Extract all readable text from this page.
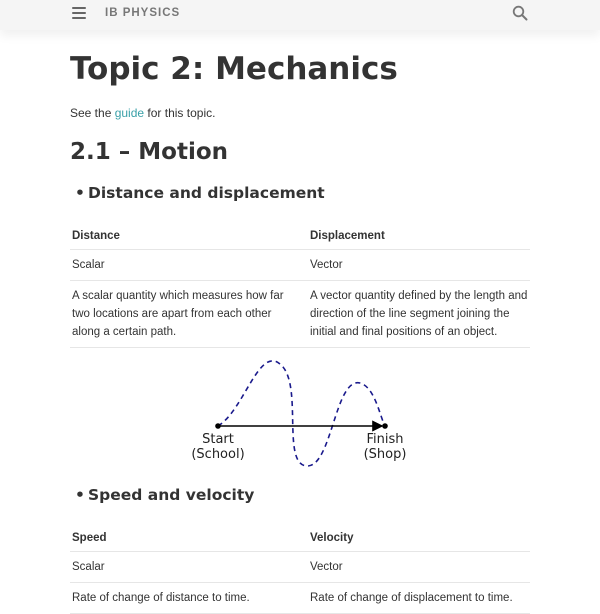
IB PHYSICS
Topic 2: Mechanics
See the guide for this topic.
2.1 – Motion
• Distance and displacement
Distance	Displacement
Scalar	Vector
A scalar quantity which measures how far two locations are apart from each other along a certain path.	A vector quantity defined by the length and direction of the line segment joining the initial and final positions of an object.
Start
(School)
Finish
(Shop)
• Speed and velocity
Speed	Velocity
Scalar	Vector
Rate of change of distance to time.	Rate of change of displacement to time.
